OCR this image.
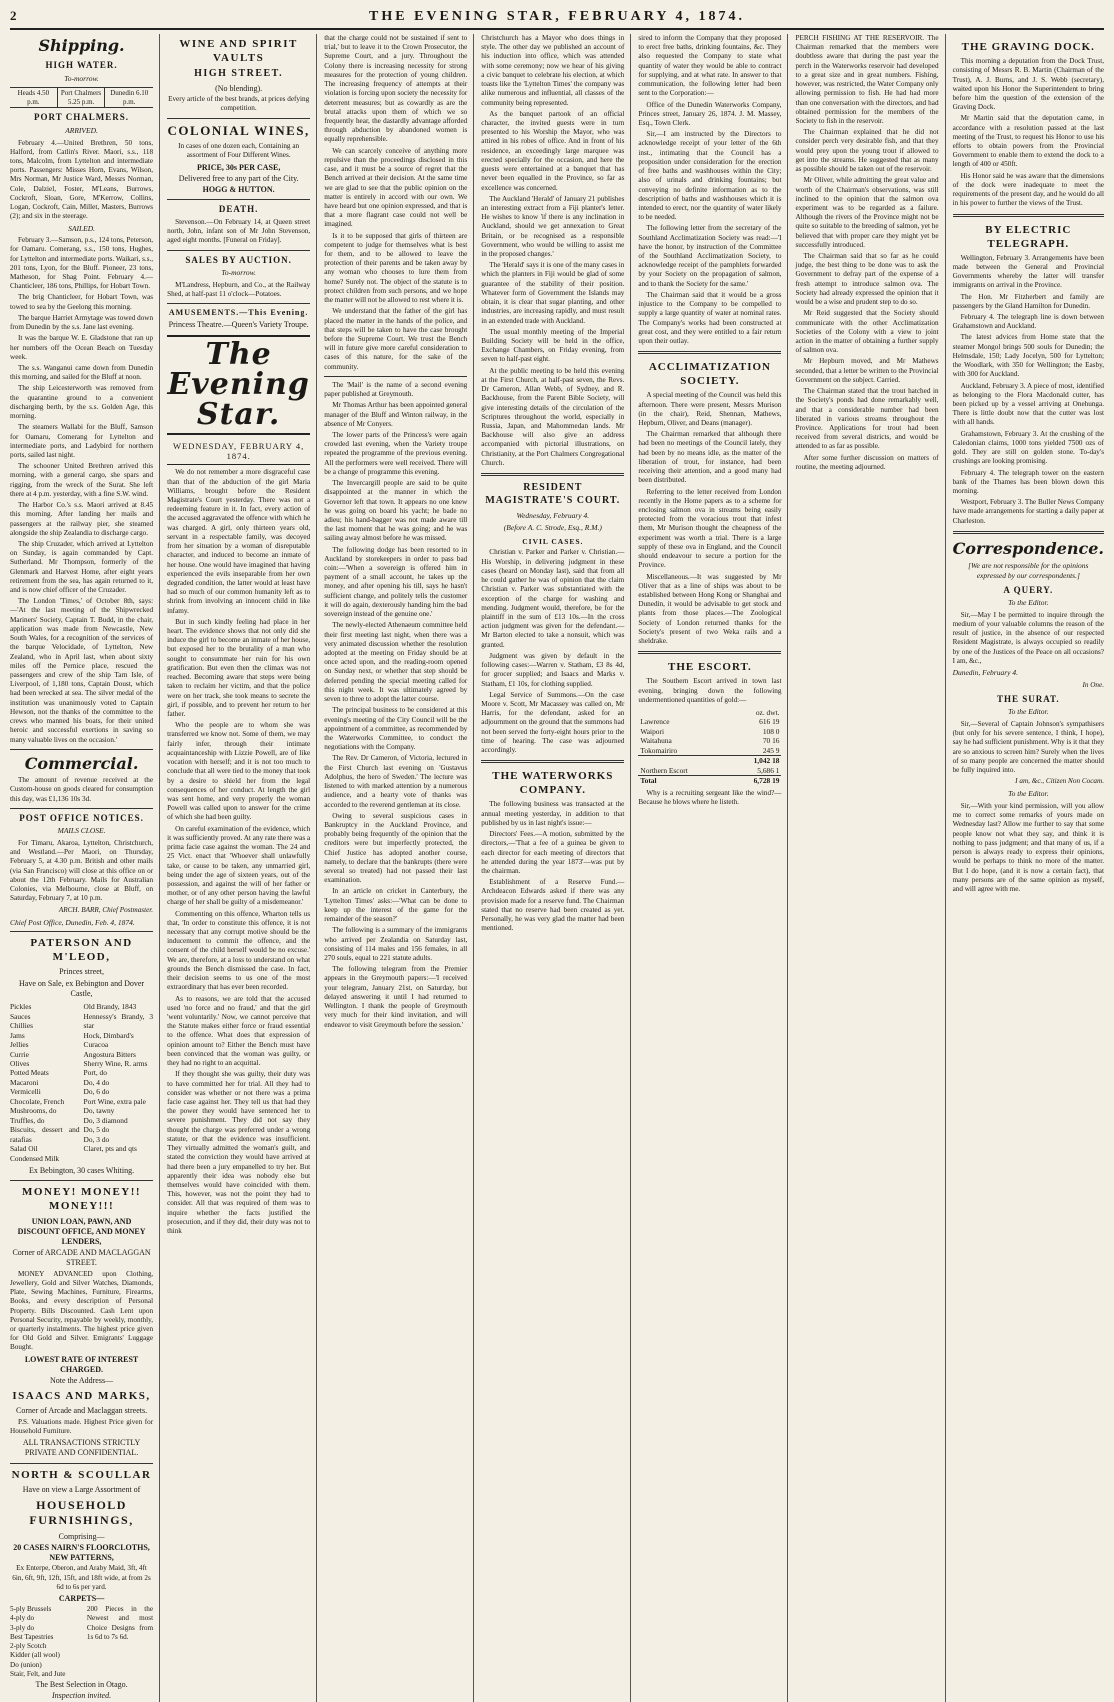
2	THE EVENING STAR, FEBRUARY 4, 1874.
Shipping.
HIGH WATER.
To-morrow.
Heads 4.50 p.m.
Port Chalmers 5.25 p.m.
Dunedin 6.10 p.m.
PORT CHALMERS.
ARRIVED.

February 4.—United Brethren, 50 tons, Halford, from Catlin's River. Maori, s.s., 118 tons, Malcolm, from Lyttelton and intermediate ports. Passengers: Misses Horn, Evans, Wilson, Mrs Norman, Mr Justice Ward, Messrs Norman, Cole, Dalziel, Foster, M'Leans, Burrows, Cockroft, Sloan, Gore, M'Kerrow, Collins, Logan, Cockroft, Cain, Millet, Masters, Burrows (2); and six in the steerage.

SAILED.

February 3.—Samson, p.s., 124 tons, Peterson, for Oamaru. Comerang, s.s., 150 tons, Hughes, for Lyttelton and intermediate ports. Waikari, s.s., 201 tons, Lyon, for the Bluff. Pioneer, 23 tons, Matheson, for Shag Point. February 4.—Chanticleer, 186 tons, Phillips, for Hobart Town.

The brig Chanticleer, for Hobart Town, was towed to sea by the Geelong this morning.

The barque Harriet Armytage was towed down from Dunedin by the s.s. Jane last evening.

It was the barque W. E. Gladstone that ran up her numbers off the Ocean Beach on Tuesday week.

The s.s. Wanganui came down from Dunedin this morning, and sailed for the Bluff at noon.

The ship Leicesterworth was removed from the quarantine ground to a convenient discharging berth, by the s.s. Golden Age, this morning.

The steamers Wallabi for the Bluff, Samson for Oamaru, Comerang for Lyttelton and intermediate ports, and Ladybird for northern ports, sailed last night.

The schooner United Brethren arrived this morning, with a general cargo, she spars and rigging, from the wreck of the Surat. She left there at 4 p.m. yesterday, with a fine S.W. wind.

The Harbor Co.'s s.s. Maori arrived at 8.45 this morning. After landing her mails and passengers at the railway pier, she steamed alongside the ship Zealandia to discharge cargo.

The ship Cruzader, which arrived at Lyttelton on Sunday, is again commanded by Capt. Sutherland. Mr Thompson, formerly of the Glenmark and Harvest Home, after eight years retirement from the sea, has again returned to it, and is now chief officer of the Cruzader.

The London 'Times,' of October 8th, says:—'At the last meeting of the Shipwrecked Mariners' Society, Captain T. Budd, in the chair, application was made from Newcastle, New South Wales, for a recognition of the services of the barque Velocidade, of Lyttelton, New Zealand, who in April last, when about sixty miles off the Pernice place, rescued the passengers and crew of the ship Tarn Isle, of Liverpool, of 1,180 tons, Captain Doust, which had been wrecked at sea. The silver medal of the institution was unanimously voted to Captain Hewson, not the thanks of the committee to the crews who manned his boats, for their united heroic and successful exertions in saving so many valuable lives on the occasion.'

Commercial.

The amount of revenue received at the Custom-house on goods cleared for consumption this day, was £1,136 10s 3d.

POST OFFICE NOTICES.
MAILS CLOSE.

For Timaru, Akaroa, Lyttelton, Christchurch, and Westland.—Per Maori, on Thursday, February 5, at 4.30 p.m. British and other mails (via San Francisco) will close at this office on or about the 12th February. Mails for Australian Colonies, via Melbourne, close at Bluff, on Saturday, February 7, at 10 p.m.

ARCH. BARR, Chief Postmaster.
Chief Post Office, Dunedin, Feb. 4, 1874.
PATERSON AND M'LEOD,
Princes street,
Have on Sale, ex Bebington and Dover Castle,
Pickles
Sauces
Chillies
Jams
Jellies
Currie
Olives
Potted Meats
Macaroni
Vermicelli
Chocolate, French
Mushrooms, do
Truffles, do
Biscuits, dessert and ratafias
Salad Oil
Condensed Milk
Old Brandy, 1843
Hennessy's Brandy, 3 star
Hock, Dimbard's
Curacoa
Angostura Bitters
Sherry Wine, R. arms
Port, do
Do, 4 do
Do, 6 do
Port Wine, extra pale
Do, tawny
Do, 3 diamond
Do, 5 do
Do, 3 do
Claret, pts and qts
Ex Bebington, 30 cases Whiting.
MONEY! MONEY!! MONEY!!!
UNION LOAN, PAWN, AND DISCOUNT OFFICE, AND MONEY LENDERS,
Corner of ARCADE AND MACLAGGAN STREET.

MONEY ADVANCED upon Clothing, Jewellery, Gold and Silver Watches, Diamonds, Plate, Sewing Machines, Furniture, Firearms, Books, and every description of Personal Property. Bills Discounted. Cash Lent upon Personal Security, repayable by weekly, monthly, or quarterly instalments. The highest price given for Old Gold and Silver. Emigrants' Luggage Bought.

LOWEST RATE OF INTEREST CHARGED.
Note the Address—
ISAACS AND MARKS,
Corner of Arcade and Maclaggan streets.

P.S. Valuations made. Highest Price given for Household Furniture.

ALL TRANSACTIONS STRICTLY PRIVATE AND CONFIDENTIAL.
NORTH & SCOULLAR
Have on view a Large Assortment of
HOUSEHOLD FURNISHINGS,
Comprising—
20 CASES NAIRN'S FLOORCLOTHS, NEW PATTERNS,

Ex Enterpe, Oberon, and Araby Maid, 3ft, 4ft 6in, 6ft, 9ft, 12ft, 15ft, and 18ft wide, at from 2s 6d to 6s per yard.

CARPETS—
5-ply Brussels
4-ply do
3-ply do
Best Tapestries
2-ply Scotch
Kidder (all wool)
Do (union)
Stair, Felt, and Jute
200 Pieces in the Newest and most Choice Designs from 1s 6d to 7s 6d.
The Best Selection in Otago.
Inspection invited.
WINE AND SPIRIT VAULTS
HIGH STREET.
(No blending).

Every article of the best brands, at prices defying competition.

COLONIAL WINES,

In cases of one dozen each, Containing an assortment of Four Different Wines.

PRICE, 30s PER CASE,
Delivered free to any part of the City.
HOGG & HUTTON.
DEATH.

Stevenson.—On February 14, at Queen street north, John, infant son of Mr John Stevenson, aged eight months. [Funeral on Friday].

SALES BY AUCTION.
To-morrow.

M'Landress, Hepburn, and Co., at the Railway Shed, at half-past 11 o'clock—Potatoes.

AMUSEMENTS.—This Evening.
Princess Theatre.—Queen's Variety Troupe.
The Evening Star.
WEDNESDAY, FEBRUARY 4, 1874.

We do not remember a more disgraceful case than that of the abduction of the girl Maria Williams, brought before the Resident Magistrate's Court yesterday. There was not a redeeming feature in it. In fact, every action of the accused aggravated the offence with which he was charged. A girl, only thirteen years old, servant in a respectable family, was decoyed from her situation by a woman of disreputable character, and induced to become an inmate of her house. One would have imagined that having experienced the evils inseparable from her own degraded condition, the latter would at least have had so much of our common humanity left as to shrink from involving an innocent child in like infamy.

But in such kindly feeling had place in her heart. The evidence shows that not only did she induce the girl to become an inmate of her house, but exposed her to the brutality of a man who sought to consummate her ruin for his own gratification. But even then the climax was not reached. Becoming aware that steps were being taken to reclaim her victim, and that the police were on her track, she took means to secrete the girl, if possible, and to prevent her return to her father.

Who the people are to whom she was transferred we know not. Some of them, we may fairly infer, through their intimate acquaintanceship with Lizzie Powell, are of like vocation with herself; and it is not too much to conclude that all were tied to the money that took by a desire to shield her from the legal consequences of her conduct. At length the girl was sent home, and very properly the woman Powell was called upon to answer for the crime of which she had been guilty.

On careful examination of the evidence, which it was sufficiently proved. At any rate there was a prima facie case against the woman. The 24 and 25 Vict. enact that 'Whoever shall unlawfully take, or cause to be taken, any unmarried girl, being under the age of sixteen years, out of the possession, and against the will of her father or mother, or of any other person having the lawful charge of her shall be guilty of a misdemeanor.'

Commenting on this offence, Wharton tells us that, 'In order to constitute this offence, it is not necessary that any corrupt motive should be the inducement to commit the offence, and the consent of the child herself would be no excuse.' We are, therefore, at a loss to understand on what grounds the Bench dismissed the case. In fact, their decision seems to us one of the most extraordinary that has ever been recorded.

As to reasons, we are told that the accused used 'no force and no fraud,' and that the girl 'went voluntarily.' Now, we cannot perceive that the Statute makes either force or fraud essential to the offence. What does that expression of opinion amount to? Either the Bench must have been convinced that the woman was guilty, or they had no right to an acquittal.

If they thought she was guilty, their duty was to have committed her for trial. All they had to consider was whether or not there was a prima facie case against her. They tell us that had they the power they would have sentenced her to severe punishment. They did not say they thought the charge was preferred under a wrong statute, or that the evidence was insufficient. They virtually admitted the woman's guilt, and stated the conviction they would have arrived at had there been a jury empanelled to try her. But apparently their idea was nobody else but themselves would have coincided with them. This, however, was not the point they had to consider. All that was required of them was to inquire whether the facts justified the prosecution, and if they did, their duty was not to think

that the charge could not be sustained if sent to trial,' but to leave it to the Crown Prosecutor, the Supreme Court, and a jury. Throughout the Colony there is increasing necessity for strong measures for the protection of young children. The increasing frequency of attempts at their violation is forcing upon society the necessity for deterrent measures; but as cowardly as are the brutal attacks upon them of which we so frequently hear, the dastardly advantage afforded through abduction by abandoned women is equally reprehensible.

We can scarcely conceive of anything more repulsive than the proceedings disclosed in this case, and it must be a source of regret that the Bench arrived at their decision. At the same time we are glad to see that the public opinion on the matter is entirely in accord with our own. We have heard but one opinion expressed, and that is that a more flagrant case could not well be imagined.

Is it to be supposed that girls of thirteen are competent to judge for themselves what is best for them, and to be allowed to leave the protection of their parents and be taken away by any woman who chooses to lure them from home? Surely not. The object of the statute is to protect children from such persons, and we hope the matter will not be allowed to rest where it is.

We understand that the father of the girl has placed the matter in the hands of the police, and that steps will be taken to have the case brought before the Supreme Court. We trust the Bench will in future give more careful consideration to cases of this nature, for the sake of the community.

The 'Mail' is the name of a second evening paper published at Greymouth.

Mr Thomas Arthur has been appointed general manager of the Bluff and Winton railway, in the absence of Mr Conyers.

The lower parts of the Princess's were again crowded last evening, when the Variety troupe repeated the programme of the previous evening. All the performers were well received. There will be a change of programme this evening.

The Invercargill people are said to be quite disappointed at the manner in which the Governor left that town. It appears no one knew he was going on board his yacht; he bade no adieu; his hand-bagger was not made aware till the last moment that he was going; and he was sailing away almost before he was missed.

The following dodge has been resorted to in Auckland by storekeepers in order to pass bad coin:—'When a sovereign is offered him in payment of a small account, he takes up the money, and after opening his till, says he hasn't sufficient change, and politely tells the customer it will do again, dexterously handing him the bad sovereign instead of the genuine one.'

The newly-elected Athenaeum committee held their first meeting last night, when there was a very animated discussion whether the resolution adopted at the meeting on Friday should be at once acted upon, and the reading-room opened on Sunday next, or whether that step should be deferred pending the special meeting called for this night week. It was ultimately agreed by seven to three to adopt the latter course.

The principal business to be considered at this evening's meeting of the City Council will be the appointment of a committee, as recommended by the Waterworks Committee, to conduct the negotiations with the Company.

The Rev. Dr Cameron, of Victoria, lectured in the First Church last evening on 'Gustavus Adolphus, the hero of Sweden.' The lecture was listened to with marked attention by a numerous audience, and a hearty vote of thanks was accorded to the reverend gentleman at its close.

Owing to several suspicious cases in Bankruptcy in the Auckland Province, and probably being frequently of the opinion that the creditors were but imperfectly protected, the Chief Justice has adopted another course, namely, to declare that the bankrupts (there were several so treated) had not passed their last examination.

In an article on cricket in Canterbury, the 'Lyttelton Times' asks:—'What can be done to keep up the interest of the game for the remainder of the season?'

The following is a summary of the immigrants who arrived per Zealandia on Saturday last, consisting of 114 males and 156 females, in all 270 souls, equal to 221 statute adults.

The following telegram from the Premier appears in the Greymouth papers:—'I received your telegram, January 21st, on Saturday, but delayed answering it until I had returned to Wellington. I thank the people of Greymouth very much for their kind invitation, and will endeavor to visit Greymouth before the session.'

Christchurch has a Mayor who does things in style. The other day we published an account of his induction into office, which was attended with some ceremony; now we hear of his giving a civic banquet to celebrate his election, at which toasts like the 'Lyttelton Times' the company was alike numerous and influential, all classes of the community being represented.

As the banquet partook of an official character, the invited guests were in turn presented to his Worship the Mayor, who was attired in his robes of office. And in front of his residence, an exceedingly large marquee was erected specially for the occasion, and here the guests were entertained at a banquet that has never been equalled in the Province, so far as excellence was concerned.

The Auckland 'Herald' of January 21 publishes an interesting extract from a Fiji planter's letter. He wishes to know 'if there is any inclination in Auckland, should we get annexation to Great Britain, or be recognised as a responsible Government, who would be willing to assist me in the proposed changes.'

The 'Herald' says it is one of the many cases in which the planters in Fiji would be glad of some guarantee of the stability of their position. Whatever form of Government the Islands may obtain, it is clear that sugar planting, and other industries, are increasing rapidly, and must result in an extended trade with Auckland.

The usual monthly meeting of the Imperial Building Society will be held in the office, Exchange Chambers, on Friday evening, from seven to half-past eight.

At the public meeting to be held this evening at the First Church, at half-past seven, the Revs. Dr Cameron, Allan Webb, of Sydney, and R. Backhouse, from the Parent Bible Society, will give interesting details of the circulation of the Scriptures throughout the world, especially in Russia, Japan, and Mahommedan lands. Mr Backhouse will also give an address accompanied with pictorial illustrations, on Christianity, at the Port Chalmers Congregational Church.

RESIDENT MAGISTRATE'S COURT.
Wednesday, February 4.
(Before A. C. Strode, Esq., R.M.)
CIVIL CASES.

Christian v. Parker and Parker v. Christian.—His Worship, in delivering judgment in these cases (heard on Monday last), said that from all he could gather he was of opinion that the claim Christian v. Parker was substantiated with the exception of the charge for washing and mending. Judgment would, therefore, be for the plaintiff in the sum of £13 10s.—In the cross action judgment was given for the defendant.—Mr Barton elected to take a nonsuit, which was granted.

Judgment was given by default in the following cases:—Warren v. Statham, £3 8s 4d, for grocer supplied; and Isaacs and Marks v. Statham, £1 10s, for clothing supplied.

Legal Service of Summons.—On the case Moore v. Scott, Mr Macassey was called on, Mr Harris, for the defendant, asked for an adjournment on the ground that the summons had not been served the forty-eight hours prior to the time of hearing. The case was adjourned accordingly.

THE WATERWORKS COMPANY.

The following business was transacted at the annual meeting yesterday, in addition to that published by us in last night's issue:—

Directors' Fees.—A motion, submitted by the directors,—'That a fee of a guinea be given to each director for each meeting of directors that he attended during the year 1873'—was put by the chairman.

Establishment of a Reserve Fund.—Archdeacon Edwards asked if there was any provision made for a reserve fund. The Chairman stated that no reserve had been created as yet. Personally, he was very glad the matter had been mentioned.

sired to inform the Company that they proposed to erect free baths, drinking fountains, &c. They also requested the Company to state what quantity of water they would be able to contract for supplying, and at what rate. In answer to that communication, the following letter had been sent to the Corporation:—

Office of the Dunedin Waterworks Company, Princes street, January 26, 1874. J. M. Massey, Esq., Town Clerk.

Sir,—I am instructed by the Directors to acknowledge receipt of your letter of the 6th inst., intimating that the Council has a proposition under consideration for the erection of free baths and washhouses within the City; also of urinals and drinking fountains; but conveying no definite information as to the description of baths and washhouses which it is intended to erect, nor the quantity of water likely to be needed.

The following letter from the secretary of the Southland Acclimatization Society was read:—'I have the honor, by instruction of the Committee of the Southland Acclimatization Society, to acknowledge receipt of the pamphlets forwarded by your Society on the propagation of salmon, and to thank the Society for the same.'

The Chairman said that it would be a gross injustice to the Company to be compelled to supply a large quantity of water at nominal rates. The Company's works had been constructed at great cost, and they were entitled to a fair return upon their outlay.

ACCLIMATIZATION SOCIETY.

A special meeting of the Council was held this afternoon. There were present, Messrs Murison (in the chair), Reid, Shennan, Mathews, Hepburn, Oliver, and Deans (manager).

The Chairman remarked that although there had been no meetings of the Council lately, they had been by no means idle, as the matter of the liberation of trout, for instance, had been receiving their attention, and a good many had been distributed.

Referring to the letter received from London recently in the Home papers as to a scheme for enclosing salmon ova in streams being easily protected from the voracious trout that infest them, Mr Murison thought the cheapness of the experiment was worth a trial. There is a large supply of these ova in England, and the Council should endeavour to secure a portion for the Province.

Miscellaneous.—It was suggested by Mr Oliver that as a line of ships was about to be established between Hong Kong or Shanghai and Dunedin, it would be advisable to get stock and plants from those places.—The Zoological Society of London returned thanks for the Society's present of two Weka rails and a sheldrake.

THE ESCORT.

The Southern Escort arrived in town last evening, bringing down the following undermentioned quantities of gold:—

	oz. dwt.
Lawrence	616 19
Waipori	108 0
Waitahuna	70 16
Tokomairiro	245 9
	1,042 18
Northern Escort	5,686 1
Total	6,728 19

Why is a recruiting sergeant like the wind?—Because he blows where he listeth.

PERCH FISHING AT THE RESERVOIR. The Chairman remarked that the members were doubtless aware that during the past year the perch in the Waterworks reservoir had developed to a great size and in great numbers. Fishing, however, was restricted, the Water Company only allowing permission to fish. He had had more than one conversation with the directors, and had obtained permission for the members of the Society to fish in the reservoir.

The Chairman explained that he did not consider perch very desirable fish, and that they would prey upon the young trout if allowed to get into the streams. He suggested that as many as possible should be taken out of the reservoir.

Mr Oliver, while admitting the great value and worth of the Chairman's observations, was still inclined to the opinion that the salmon ova experiment was to be regarded as a failure. Although the rivers of the Province might not be quite so suitable to the breeding of salmon, yet he believed that with proper care they might yet be successfully introduced.

The Chairman said that so far as he could judge, the best thing to be done was to ask the Government to defray part of the expense of a fresh attempt to introduce salmon ova. The Society had already expressed the opinion that it would be a wise and prudent step to do so.

Mr Reid suggested that the Society should communicate with the other Acclimatization Societies of the Colony with a view to joint action in the matter of obtaining a further supply of salmon ova.

Mr Hepburn moved, and Mr Mathews seconded, that a letter be written to the Provincial Government on the subject. Carried.

The Chairman stated that the trout hatched in the Society's ponds had done remarkably well, and that a considerable number had been liberated in various streams throughout the Province. Applications for trout had been received from several districts, and would be attended to as far as possible.

After some further discussion on matters of routine, the meeting adjourned.

THE GRAVING DOCK.

This morning a deputation from the Dock Trust, consisting of Messrs R. B. Martin (Chairman of the Trust), A. J. Burns, and J. S. Webb (secretary), waited upon his Honor the Superintendent to bring before him the question of the extension of the Graving Dock.

Mr Martin said that the deputation came, in accordance with a resolution passed at the last meeting of the Trust, to request his Honor to use his efforts to obtain powers from the Provincial Government to enable them to extend the dock to a length of 400 or 450ft.

His Honor said he was aware that the dimensions of the dock were inadequate to meet the requirements of the present day, and he would do all in his power to further the views of the Trust.

BY ELECTRIC TELEGRAPH.

Wellington, February 3. Arrangements have been made between the General and Provincial Governments whereby the latter will transfer immigrants on arrival in the Province.

The Hon. Mr Fitzherbert and family are passengers by the Gland Hamilton for Dunedin.

February 4. The telegraph line is down between Grahamstown and Auckland.

The latest advices from Home state that the steamer Mongol brings 500 souls for Dunedin; the Helmsdale, 150; Lady Jocelyn, 500 for Lyttelton; the Woodlark, with 350 for Wellington; the Easby, with 300 for Auckland.

Auckland, February 3. A piece of most, identified as belonging to the Flora Macdonald cutter, has been picked up by a vessel arriving at Onehunga. There is little doubt now that the cutter was lost with all hands.

Grahamstown, February 3. At the crushing of the Caledonian claims, 1000 tons yielded 7500 ozs of gold. They are still on golden stone. To-day's crushings are looking promising.

February 4. The telegraph tower on the eastern bank of the Thames has been blown down this morning.

Westport, February 3. The Buller News Company have made arrangements for starting a daily paper at Charleston.

Correspondence.
[We are not responsible for the opinions expressed by our correspondents.]
A QUERY.
To the Editor.

Sir,—May I be permitted to inquire through the medium of your valuable columns the reason of the result of justice, in the absence of our respected Resident Magistrate, is always occupied so readily by one of the Justices of the Peace on all occasions? I am, &c.,

Dunedin, February 4.
In One.
THE SURAT.
To the Editor.

Sir,—Several of Captain Johnson's sympathisers (but only for his severe sentence, I think, I hope), say he had sufficient punishment. Why is it that they are so anxious to screen him? Surely when the lives of so many people are concerned the matter should be fully inquired into.

I am, &c., Citizen Non Cocam.
To the Editor.

Sir,—With your kind permission, will you allow me to correct some remarks of yours made on Wednesday last? Allow me further to say that some people know not what they say, and think it is nothing to pass judgment; and that many of us, if a person is always ready to express their opinions, would be perhaps to think no more of the matter. But I do hope, (and it is now a certain fact), that many persons are of the same opinion as myself, and will agree with me.
